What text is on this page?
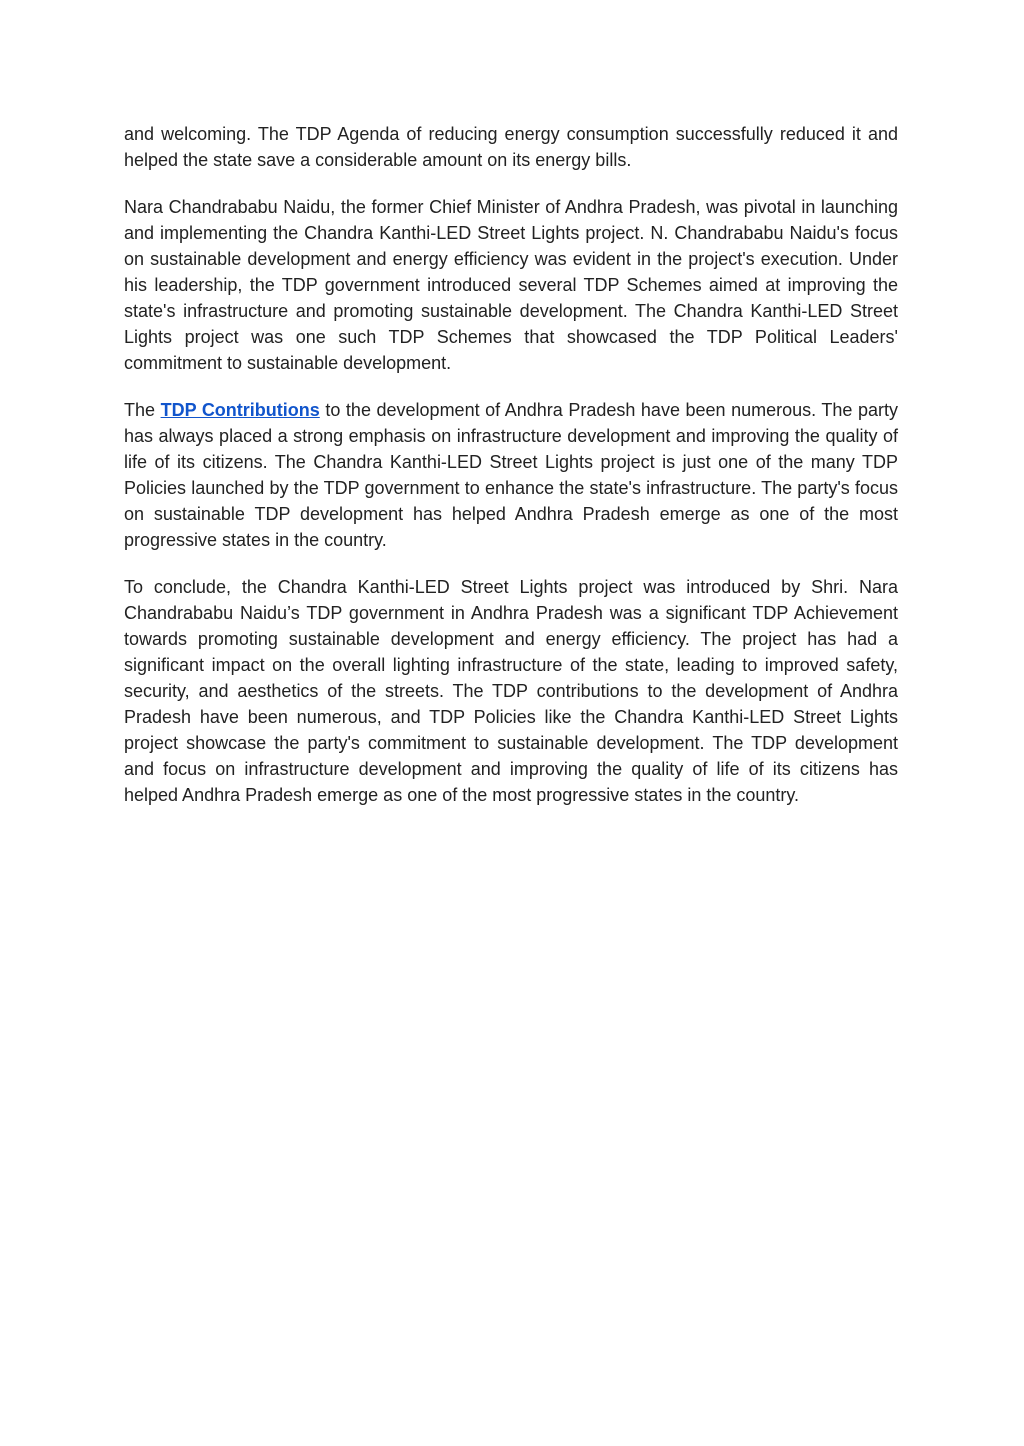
and welcoming. The TDP Agenda of reducing energy consumption successfully reduced it and helped the state save a considerable amount on its energy bills.

Nara Chandrababu Naidu, the former Chief Minister of Andhra Pradesh, was pivotal in launching and implementing the Chandra Kanthi-LED Street Lights project. N. Chandrababu Naidu's focus on sustainable development and energy efficiency was evident in the project's execution. Under his leadership, the TDP government introduced several TDP Schemes aimed at improving the state's infrastructure and promoting sustainable development. The Chandra Kanthi-LED Street Lights project was one such TDP Schemes that showcased the TDP Political Leaders' commitment to sustainable development.

The TDP Contributions to the development of Andhra Pradesh have been numerous. The party has always placed a strong emphasis on infrastructure development and improving the quality of life of its citizens. The Chandra Kanthi-LED Street Lights project is just one of the many TDP Policies launched by the TDP government to enhance the state's infrastructure. The party's focus on sustainable TDP development has helped Andhra Pradesh emerge as one of the most progressive states in the country.

To conclude, the Chandra Kanthi-LED Street Lights project was introduced by Shri. Nara Chandrababu Naidu’s TDP government in Andhra Pradesh was a significant TDP Achievement towards promoting sustainable development and energy efficiency. The project has had a significant impact on the overall lighting infrastructure of the state, leading to improved safety, security, and aesthetics of the streets. The TDP contributions to the development of Andhra Pradesh have been numerous, and TDP Policies like the Chandra Kanthi-LED Street Lights project showcase the party's commitment to sustainable development. The TDP development and focus on infrastructure development and improving the quality of life of its citizens has helped Andhra Pradesh emerge as one of the most progressive states in the country.
